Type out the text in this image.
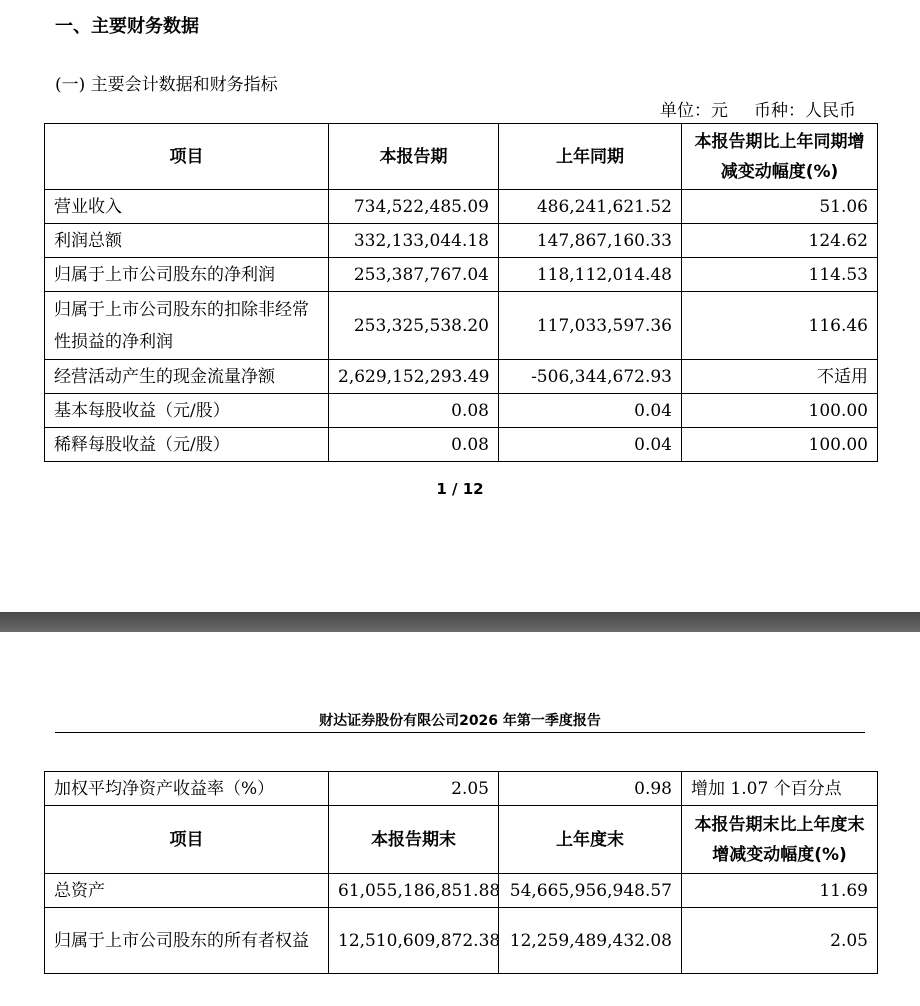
一、主要财务数据
(一) 主要会计数据和财务指标
单位：元 币种：人民币
项目	本报告期	上年同期	本报告期比上年同期增减变动幅度(%)
营业收入	734,522,485.09	486,241,621.52	51.06
利润总额	332,133,044.18	147,867,160.33	124.62
归属于上市公司股东的净利润	253,387,767.04	118,112,014.48	114.53
归属于上市公司股东的扣除非经常性损益的净利润	253,325,538.20	117,033,597.36	116.46
经营活动产生的现金流量净额	2,629,152,293.49	-506,344,672.93	不适用
基本每股收益（元/股）	0.08	0.04	100.00
稀释每股收益（元/股）	0.08	0.04	100.00
1 / 12
财达证券股份有限公司2026 年第一季度报告
加权平均净资产收益率（%）	2.05	0.98	增加 1.07 个百分点
项目	本报告期末	上年度末	本报告期末比上年度末增减变动幅度(%)
总资产	61,055,186,851.88	54,665,956,948.57	11.69
归属于上市公司股东的所有者权益	12,510,609,872.38	12,259,489,432.08	2.05
